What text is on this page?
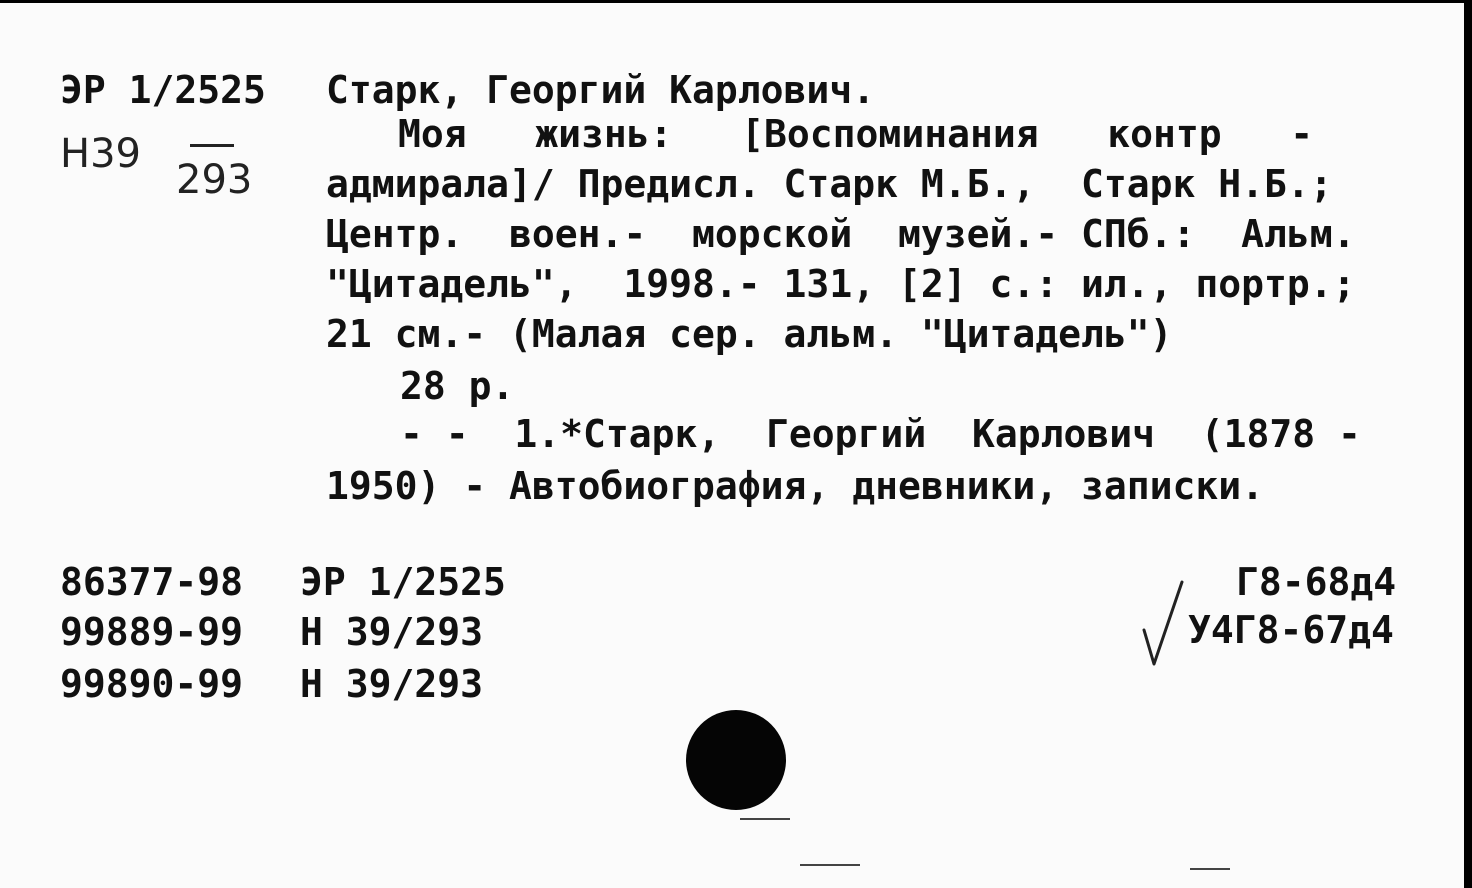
ЭР 1/2525
Н39
293
Старк, Георгий Карлович.
Моя   жизнь:   [Воспоминания   контр   -
адмирала]/ Предисл. Старк М.Б.,  Старк Н.Б.;
Центр.  воен.-  морской  музей.- СПб.:  Альм.
"Цитадель",  1998.- 131, [2] с.: ил., портр.;
21 см.- (Малая сер. альм. "Цитадель")
28 р.
- -  1.*Старк,  Георгий  Карлович  (1878 -
1950) - Автобиография, дневники, записки.
86377-98 ЭР 1/2525
99889-99 Н 39/293
99890-99 Н 39/293
Г8-68д4
У4Г8-67д4
